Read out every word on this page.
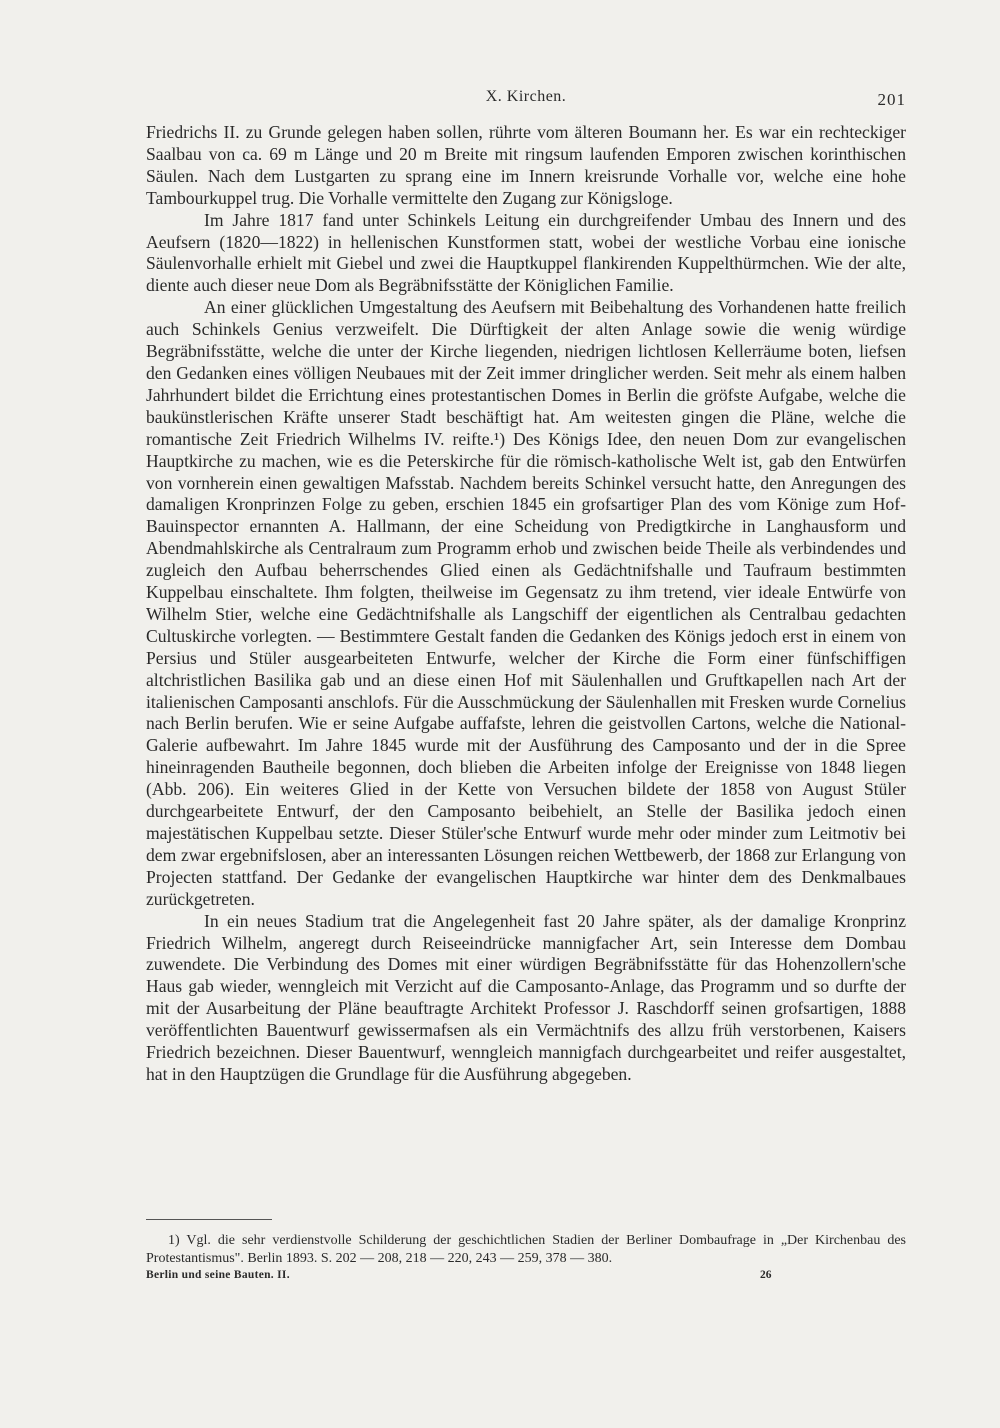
X. Kirchen.	201

Friedrichs II. zu Grunde gelegen haben sollen, rührte vom älteren Boumann her. Es war ein rechteckiger Saalbau von ca. 69 m Länge und 20 m Breite mit ringsum laufenden Emporen zwischen korinthischen Säulen. Nach dem Lustgarten zu sprang eine im Innern kreisrunde Vorhalle vor, welche eine hohe Tambourkuppel trug. Die Vorhalle vermittelte den Zugang zur Königsloge.

Im Jahre 1817 fand unter Schinkels Leitung ein durchgreifender Umbau des Innern und des Aeufsern (1820—1822) in hellenischen Kunstformen statt, wobei der westliche Vorbau eine ionische Säulenvorhalle erhielt mit Giebel und zwei die Hauptkuppel flankirenden Kuppelthürmchen. Wie der alte, diente auch dieser neue Dom als Begräbnifsstätte der Königlichen Familie.

An einer glücklichen Umgestaltung des Aeufsern mit Beibehaltung des Vorhandenen hatte freilich auch Schinkels Genius verzweifelt. Die Dürftigkeit der alten Anlage sowie die wenig würdige Begräbnifsstätte, welche die unter der Kirche liegenden, niedrigen lichtlosen Kellerräume boten, liefsen den Gedanken eines völligen Neubaues mit der Zeit immer dringlicher werden. Seit mehr als einem halben Jahrhundert bildet die Errichtung eines protestantischen Domes in Berlin die gröfste Aufgabe, welche die baukünstlerischen Kräfte unserer Stadt beschäftigt hat. Am weitesten gingen die Pläne, welche die romantische Zeit Friedrich Wilhelms IV. reifte.¹) Des Königs Idee, den neuen Dom zur evangelischen Hauptkirche zu machen, wie es die Peterskirche für die römisch-katholische Welt ist, gab den Entwürfen von vornherein einen gewaltigen Mafsstab. Nachdem bereits Schinkel versucht hatte, den Anregungen des damaligen Kronprinzen Folge zu geben, erschien 1845 ein grofsartiger Plan des vom Könige zum Hof-Bauinspector ernannten A. Hallmann, der eine Scheidung von Predigtkirche in Langhausform und Abendmahlskirche als Centralraum zum Programm erhob und zwischen beide Theile als verbindendes und zugleich den Aufbau beherrschendes Glied einen als Gedächtnifshalle und Taufraum bestimmten Kuppelbau einschaltete. Ihm folgten, theilweise im Gegensatz zu ihm tretend, vier ideale Entwürfe von Wilhelm Stier, welche eine Gedächtnifshalle als Langschiff der eigentlichen als Centralbau gedachten Cultuskirche vorlegten. — Bestimmtere Gestalt fanden die Gedanken des Königs jedoch erst in einem von Persius und Stüler ausgearbeiteten Entwurfe, welcher der Kirche die Form einer fünfschiffigen altchristlichen Basilika gab und an diese einen Hof mit Säulenhallen und Gruftkapellen nach Art der italienischen Camposanti anschlofs. Für die Ausschmückung der Säulenhallen mit Fresken wurde Cornelius nach Berlin berufen. Wie er seine Aufgabe auffafste, lehren die geistvollen Cartons, welche die National-Galerie aufbewahrt. Im Jahre 1845 wurde mit der Ausführung des Camposanto und der in die Spree hineinragenden Bautheile begonnen, doch blieben die Arbeiten infolge der Ereignisse von 1848 liegen (Abb. 206). Ein weiteres Glied in der Kette von Versuchen bildete der 1858 von August Stüler durchgearbeitete Entwurf, der den Camposanto beibehielt, an Stelle der Basilika jedoch einen majestätischen Kuppelbau setzte. Dieser Stüler'sche Entwurf wurde mehr oder minder zum Leitmotiv bei dem zwar ergebnifslosen, aber an interessanten Lösungen reichen Wettbewerb, der 1868 zur Erlangung von Projecten stattfand. Der Gedanke der evangelischen Hauptkirche war hinter dem des Denkmalbaues zurückgetreten.

In ein neues Stadium trat die Angelegenheit fast 20 Jahre später, als der damalige Kronprinz Friedrich Wilhelm, angeregt durch Reiseeindrücke mannigfacher Art, sein Interesse dem Dombau zuwendete. Die Verbindung des Domes mit einer würdigen Begräbnifsstätte für das Hohenzollern'sche Haus gab wieder, wenngleich mit Verzicht auf die Camposanto-Anlage, das Programm und so durfte der mit der Ausarbeitung der Pläne beauftragte Architekt Professor J. Raschdorff seinen grofsartigen, 1888 veröffentlichten Bauentwurf gewissermafsen als ein Vermächtnifs des allzu früh verstorbenen, Kaisers Friedrich bezeichnen. Dieser Bauentwurf, wenngleich mannigfach durchgearbeitet und reifer ausgestaltet, hat in den Hauptzügen die Grundlage für die Ausführung abgegeben.

1) Vgl. die sehr verdienstvolle Schilderung der geschichtlichen Stadien der Berliner Dombaufrage in „Der Kirchenbau des Protestantismus". Berlin 1893. S. 202 — 208, 218 — 220, 243 — 259, 378 — 380.

Berlin und seine Bauten. II.	26
